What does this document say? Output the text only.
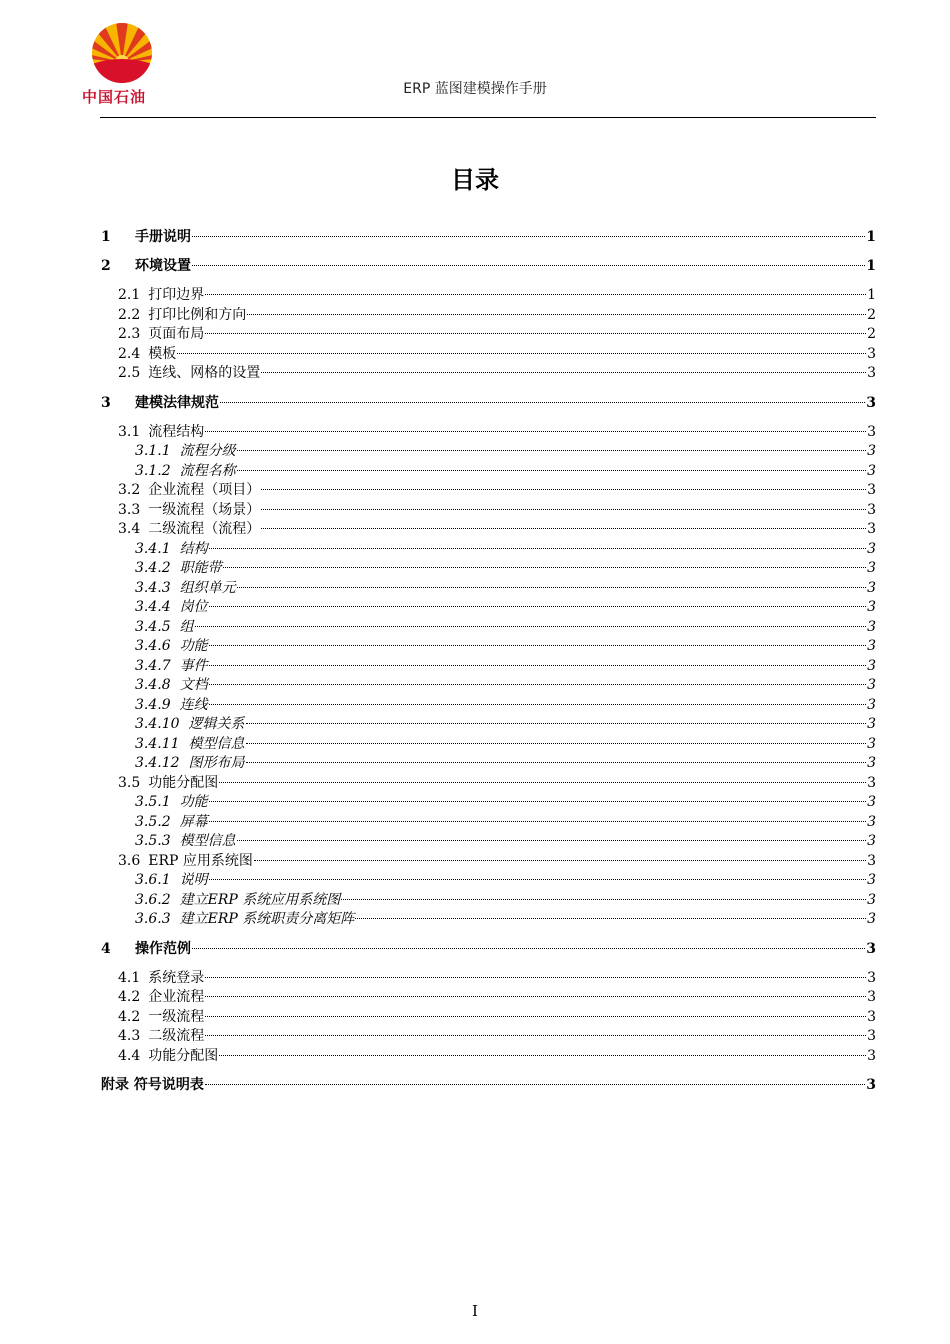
中国石油	ERP 蓝图建模操作手册
目录
1	手册说明	1
2	环境设置	1
2.1 打印边界	1
2.2 打印比例和方向	2
2.3 页面布局	2
2.4 模板	3
2.5 连线、网格的设置	3
3	建模法律规范	3
3.1 流程结构	3
3.1.1 流程分级	3
3.1.2 流程名称	3
3.2 企业流程（项目）	3
3.3 一级流程（场景）	3
3.4 二级流程（流程）	3
3.4.1 结构	3
3.4.2 职能带	3
3.4.3 组织单元	3
3.4.4 岗位	3
3.4.5 组	3
3.4.6 功能	3
3.4.7 事件	3
3.4.8 文档	3
3.4.9 连线	3
3.4.10 逻辑关系	3
3.4.11 模型信息	3
3.4.12 图形布局	3
3.5 功能分配图	3
3.5.1 功能	3
3.5.2 屏幕	3
3.5.3 模型信息	3
3.6 ERP 应用系统图	3
3.6.1 说明	3
3.6.2 建立ERP 系统应用系统图	3
3.6.3 建立ERP 系统职责分离矩阵	3
4	操作范例	3
4.1 系统登录	3
4.2 企业流程	3
4.2 一级流程	3
4.3 二级流程	3
4.4 功能分配图	3
附录 符号说明表	3
I
